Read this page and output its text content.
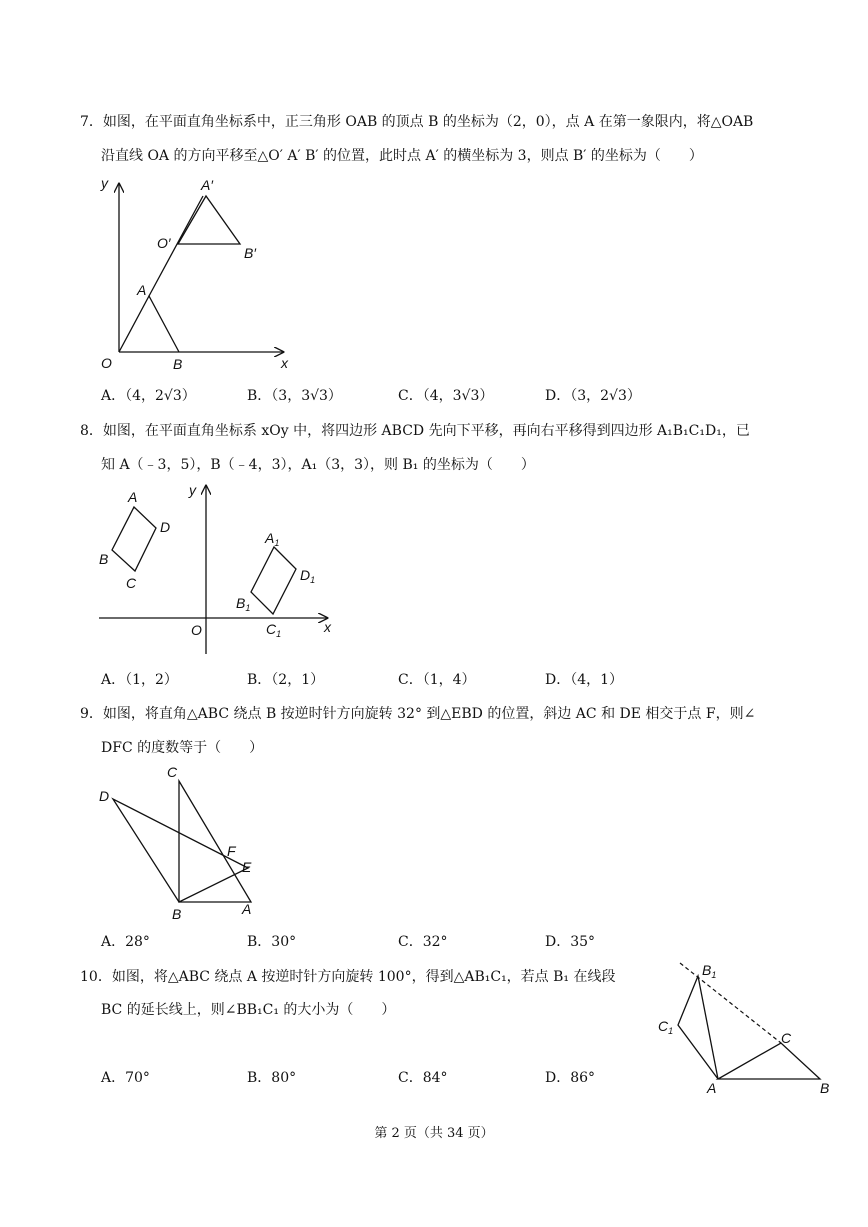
7．如图，在平面直角坐标系中，正三角形 OAB 的顶点 B 的坐标为（2，0），点 A 在第一象限内，将△OAB
沿直线 OA 的方向平移至△O′ A′ B′ 的位置，此时点 A′ 的横坐标为 3，则点 B′ 的坐标为（　　）
y
x
O
A
B
A′
O′
B′
A．（4，2√3）	B．（3，3√3）	C．（4，3√3）	D．（3，2√3）
8．如图，在平面直角坐标系 xOy 中，将四边形 ABCD 先向下平移，再向右平移得到四边形 A₁B₁C₁D₁，已
知 A（﹣3，5），B（﹣4，3），A₁（3，3），则 B₁ 的坐标为（　　）
y
x
O
A
D
B
C
$A_1$
$D_1$
$B_1$
$C_1$
A．（1，2）	B．（2，1）	C．（1，4）	D．（4，1）
9．如图，将直角△ABC 绕点 B 按逆时针方向旋转 32° 到△EBD 的位置，斜边 AC 和 DE 相交于点 F，则∠
DFC 的度数等于（　　）
C
D
F
E
B	A
A．28°	B．30°	C．32°	D．35°
10．如图，将△ABC 绕点 A 按逆时针方向旋转 100°，得到△AB₁C₁，若点 B₁ 在线段
BC 的延长线上，则∠BB₁C₁ 的大小为（　　）
$B_1$
$C_1$	C
A	B
A．70°	B．80°	C．84°	D．86°
第 2 页（共 34 页）
